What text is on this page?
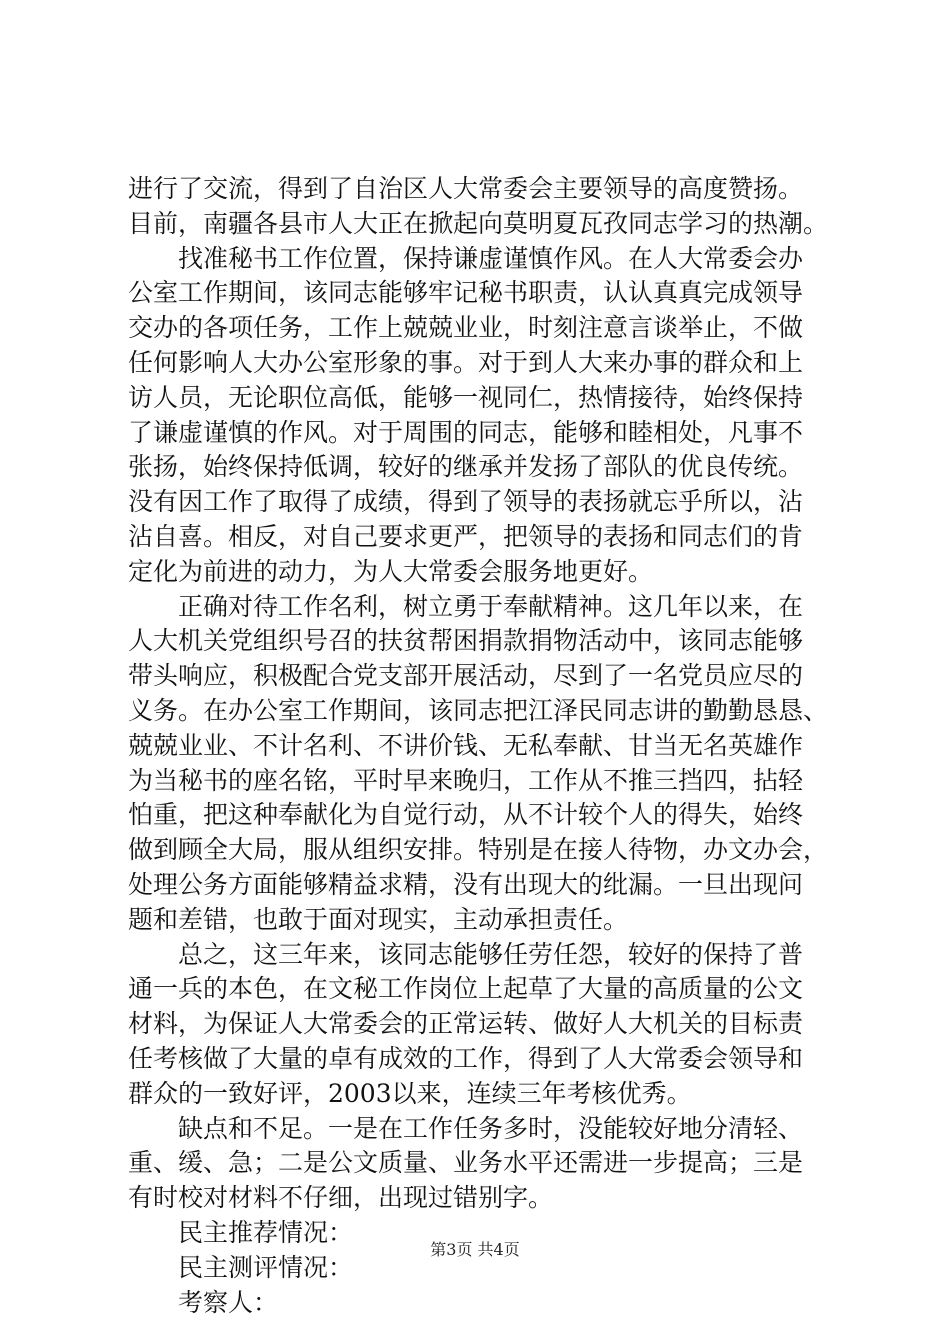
进行了交流，得到了自治区人大常委会主要领导的高度赞扬。
目前，南疆各县市人大正在掀起向莫明夏瓦孜同志学习的热潮。
找准秘书工作位置，保持谦虚谨慎作风。在人大常委会办
公室工作期间，该同志能够牢记秘书职责，认认真真完成领导
交办的各项任务，工作上兢兢业业，时刻注意言谈举止，不做
任何影响人大办公室形象的事。对于到人大来办事的群众和上
访人员，无论职位高低，能够一视同仁，热情接待，始终保持
了谦虚谨慎的作风。对于周围的同志，能够和睦相处，凡事不
张扬，始终保持低调，较好的继承并发扬了部队的优良传统。
没有因工作了取得了成绩，得到了领导的表扬就忘乎所以，沾
沾自喜。相反，对自己要求更严，把领导的表扬和同志们的肯
定化为前进的动力，为人大常委会服务地更好。
正确对待工作名利，树立勇于奉献精神。这几年以来，在
人大机关党组织号召的扶贫帮困捐款捐物活动中，该同志能够
带头响应，积极配合党支部开展活动，尽到了一名党员应尽的
义务。在办公室工作期间，该同志把江泽民同志讲的勤勤恳恳、
兢兢业业、不计名利、不讲价钱、无私奉献、甘当无名英雄作
为当秘书的座名铭，平时早来晚归，工作从不推三挡四，拈轻
怕重，把这种奉献化为自觉行动，从不计较个人的得失，始终
做到顾全大局，服从组织安排。特别是在接人待物，办文办会，
处理公务方面能够精益求精，没有出现大的纰漏。一旦出现问
题和差错，也敢于面对现实，主动承担责任。
总之，这三年来，该同志能够任劳任怨，较好的保持了普
通一兵的本色，在文秘工作岗位上起草了大量的高质量的公文
材料，为保证人大常委会的正常运转、做好人大机关的目标责
任考核做了大量的卓有成效的工作，得到了人大常委会领导和
群众的一致好评，2003以来，连续三年考核优秀。
缺点和不足。一是在工作任务多时，没能较好地分清轻、
重、缓、急；二是公文质量、业务水平还需进一步提高；三是
有时校对材料不仔细，出现过错别字。
民主推荐情况：
民主测评情况：
考察人：
第3页 共4页
